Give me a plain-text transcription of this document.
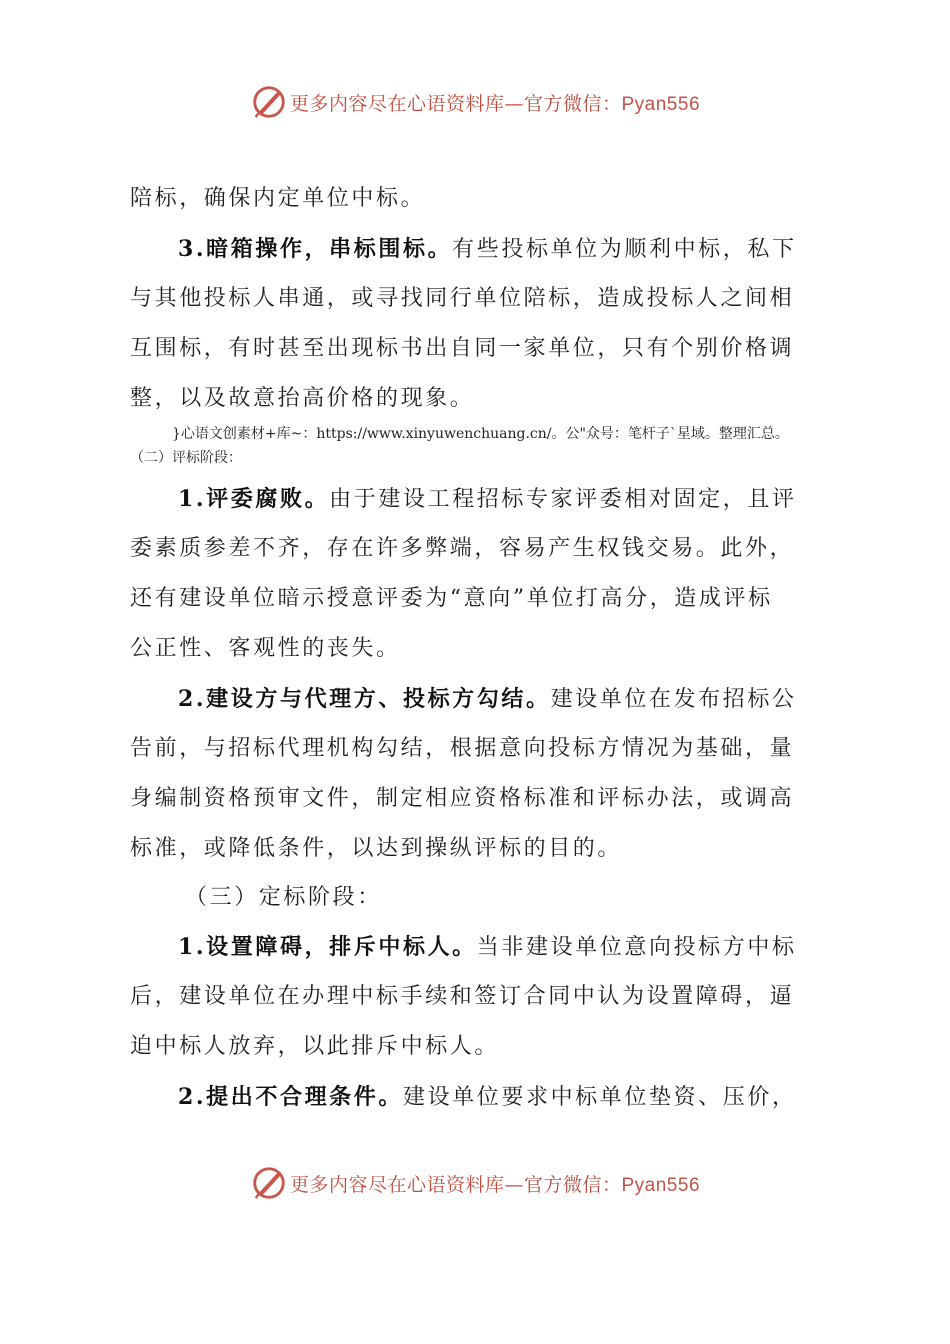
更多内容尽在心语资料库—官方微信：Pyan556
陪标，确保内定单位中标。
3.暗箱操作，串标围标。有些投标单位为顺利中标，私下
与其他投标人串通，或寻找同行单位陪标，造成投标人之间相
互围标，有时甚至出现标书出自同一家单位，只有个别价格调
整，以及故意抬高价格的现象。
}心语文创素材+库~：https://www.xinyuwenchuang.cn/。公"众号：笔杆子`星域。整理汇总。
（二）评标阶段：
1.评委腐败。由于建设工程招标专家评委相对固定，且评
委素质参差不齐，存在许多弊端，容易产生权钱交易。此外，
还有建设单位暗示授意评委为“意向”单位打高分，造成评标
公正性、客观性的丧失。
2.建设方与代理方、投标方勾结。建设单位在发布招标公
告前，与招标代理机构勾结，根据意向投标方情况为基础，量
身编制资格预审文件，制定相应资格标准和评标办法，或调高
标准，或降低条件，以达到操纵评标的目的。
（三）定标阶段：
1.设置障碍，排斥中标人。当非建设单位意向投标方中标
后，建设单位在办理中标手续和签订合同中认为设置障碍，逼
迫中标人放弃，以此排斥中标人。
2.提出不合理条件。建设单位要求中标单位垫资、压价，
更多内容尽在心语资料库—官方微信：Pyan556
